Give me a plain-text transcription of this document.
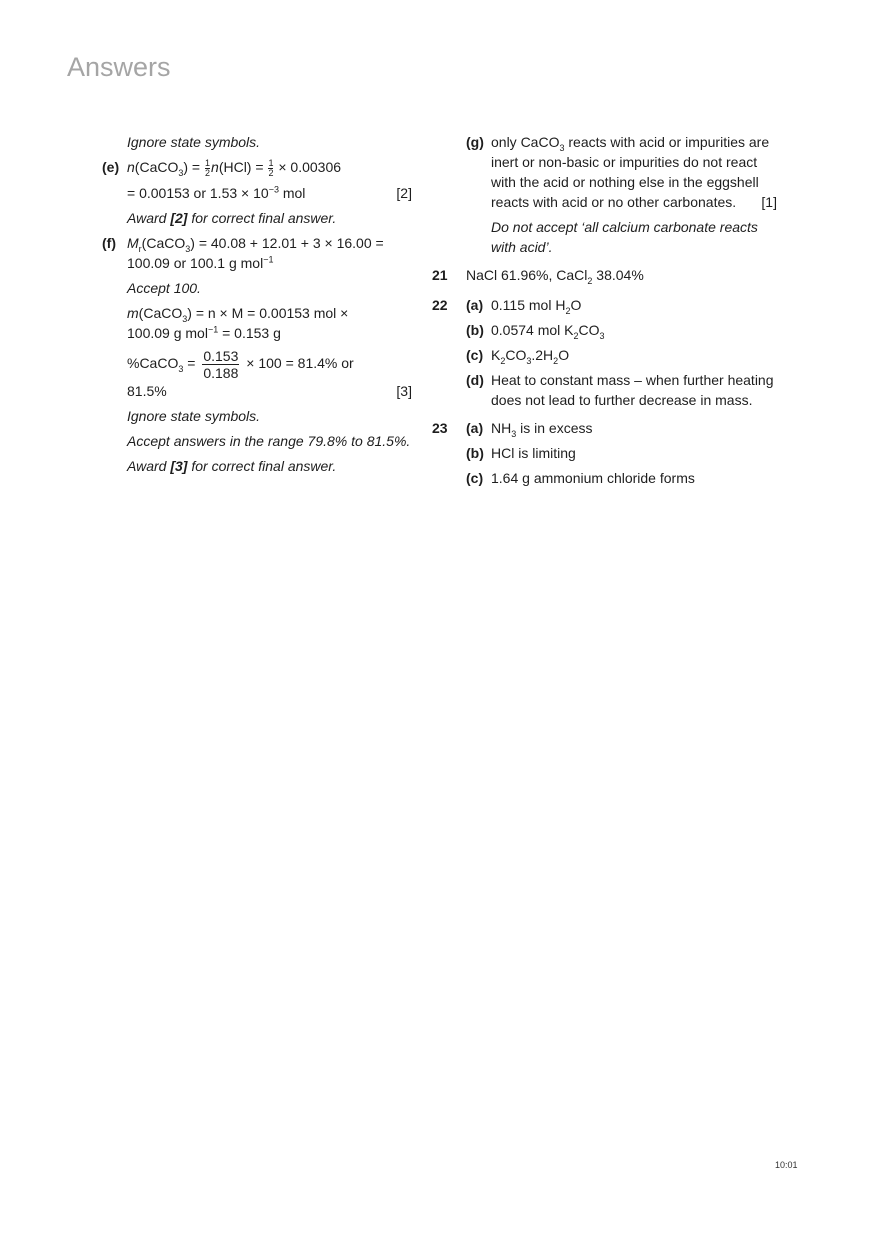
Answers

Ignore state symbols.

(e) n(CaCO$_3$) = $\frac{1}{2} n(HCl) = \frac{1}{2} \times 0.00306$

= 0.00153 or $1.53 \times 10^{-3}$ mol	[2]

Award [2] for correct final answer.

(f) $M_r(CaCO_3) = 40.08 + 12.01 + 3 \times 16.00$ =
100.09 or 100.1 g mol$^{-1}$

Accept 100.

m(CaCO$_3$) = n × M = 0.00153 mol ×
100.09 g mol$^{-1}$ = 0.153 g

%CaCO$_3$ = $\frac{0.153}{0.188} \times 100 = 81.4\%$ or
81.5%	[3]

Ignore state symbols.

Accept answers in the range 79.8% to 81.5%.

Award [3] for correct final answer.

(g) only CaCO$_3$ reacts with acid or impurities are inert or non-basic or impurities do not react with the acid or nothing else in the eggshell reacts with acid or no other carbonates. [1]

Do not accept ‘all calcium carbonate reacts with acid’.

21	NaCl 61.96%, CaCl$_2$ 38.04%

22 (a) 0.115 mol $H_2O$

(b) 0.0574 mol $K_2CO_3$

(c) $K_2CO_3.2H_2O$

(d) Heat to constant mass – when further heating does not lead to further decrease in mass.

23 (a) $NH_3$ is in excess

(b) HCl is limiting

(c) 1.64 g ammonium chloride forms

10:01
